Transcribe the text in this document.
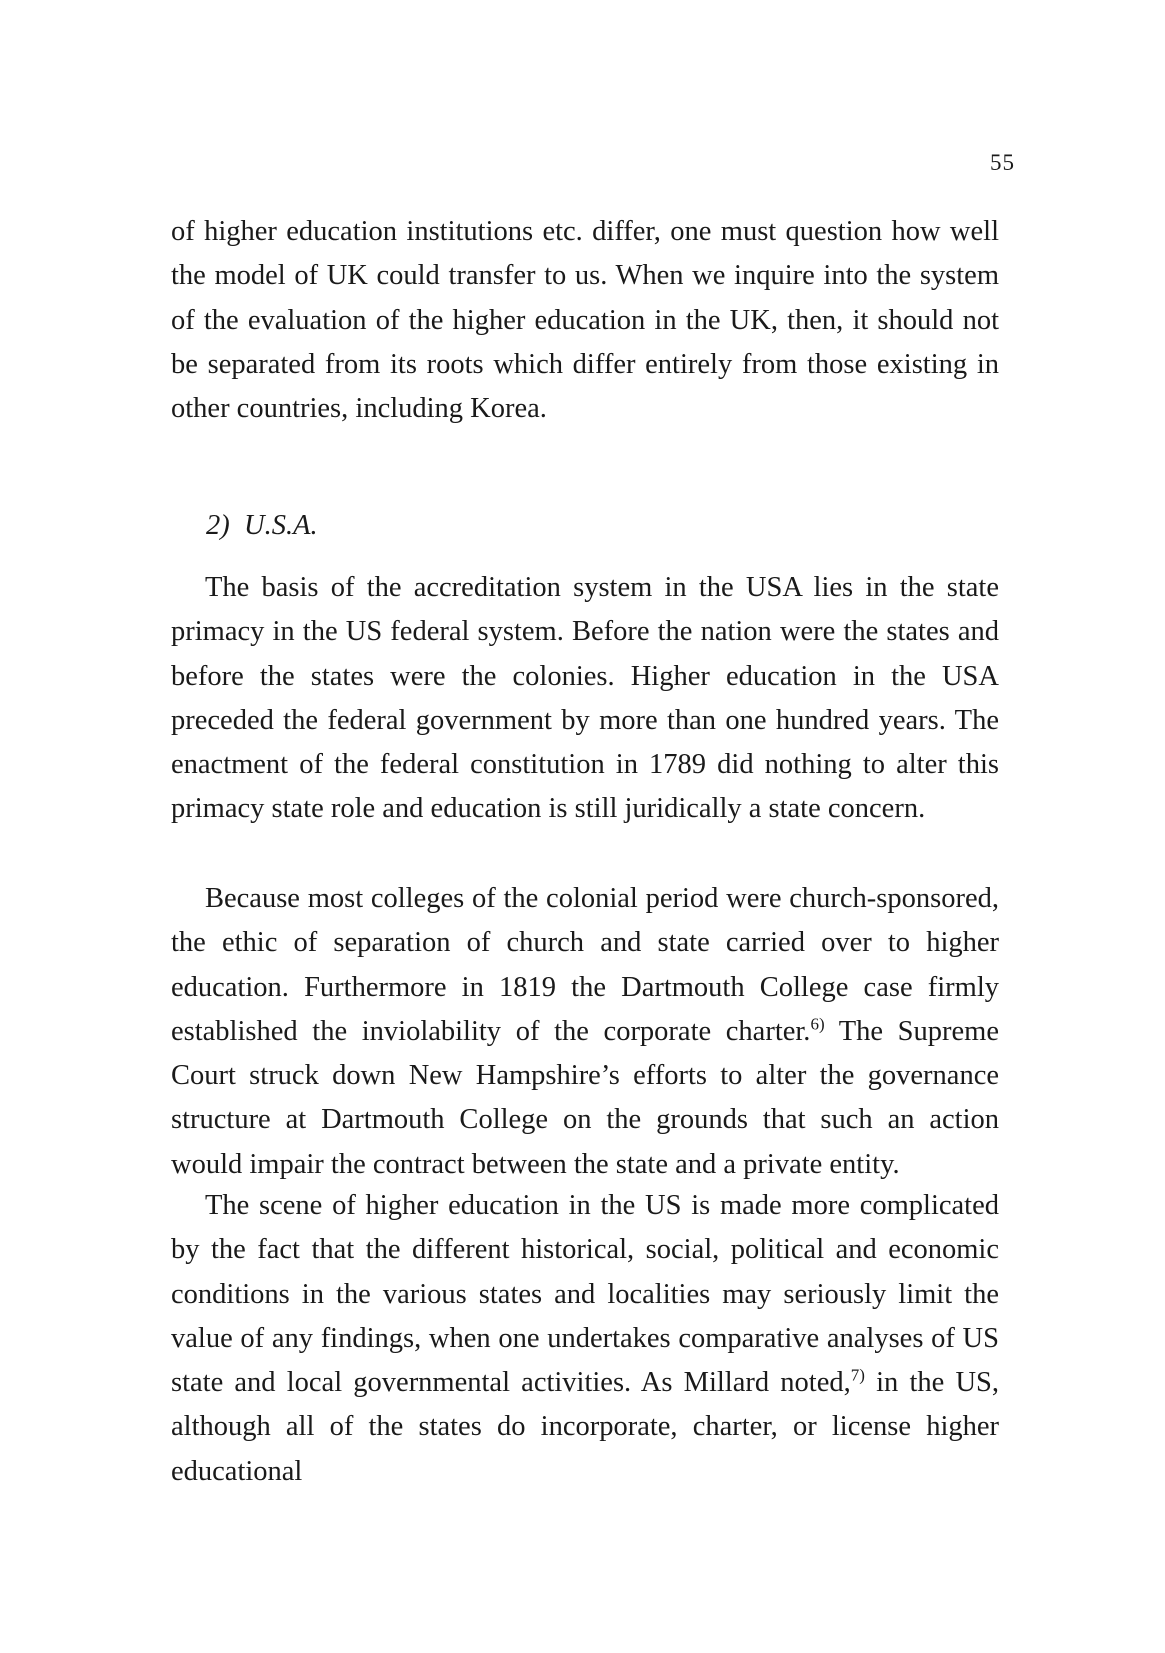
55

of higher education institutions etc. differ, one must question how well the model of UK could transfer to us. When we inquire into the system of the evaluation of the higher education in the UK, then, it should not be separated from its roots which differ entirely from those existing in other countries, including Korea.

2)  U.S.A.

The basis of the accreditation system in the USA lies in the state primacy in the US federal system. Before the nation were the states and before the states were the colonies. Higher education in the USA preceded the federal government by more than one hundred years. The enactment of the federal constitution in 1789 did nothing to alter this primacy state role and education is still juridically a state concern.

Because most colleges of the colonial period were church-sponsored, the ethic of separation of church and state carried over to higher education. Furthermore in 1819 the Dartmouth College case firmly established the inviolability of the corporate charter.$^{6)}$ The Supreme Court struck down New Hampshire’s efforts to alter the governance structure at Dartmouth College on the grounds that such an action would impair the contract between the state and a private entity.

The scene of higher education in the US is made more complicated by the fact that the different historical, social, political and economic conditions in the various states and localities may seriously limit the value of any findings, when one undertakes comparative analyses of US state and local governmental activities. As Millard noted,$^{7)}$ in the US, although all of the states do incorporate, charter, or license higher educational
